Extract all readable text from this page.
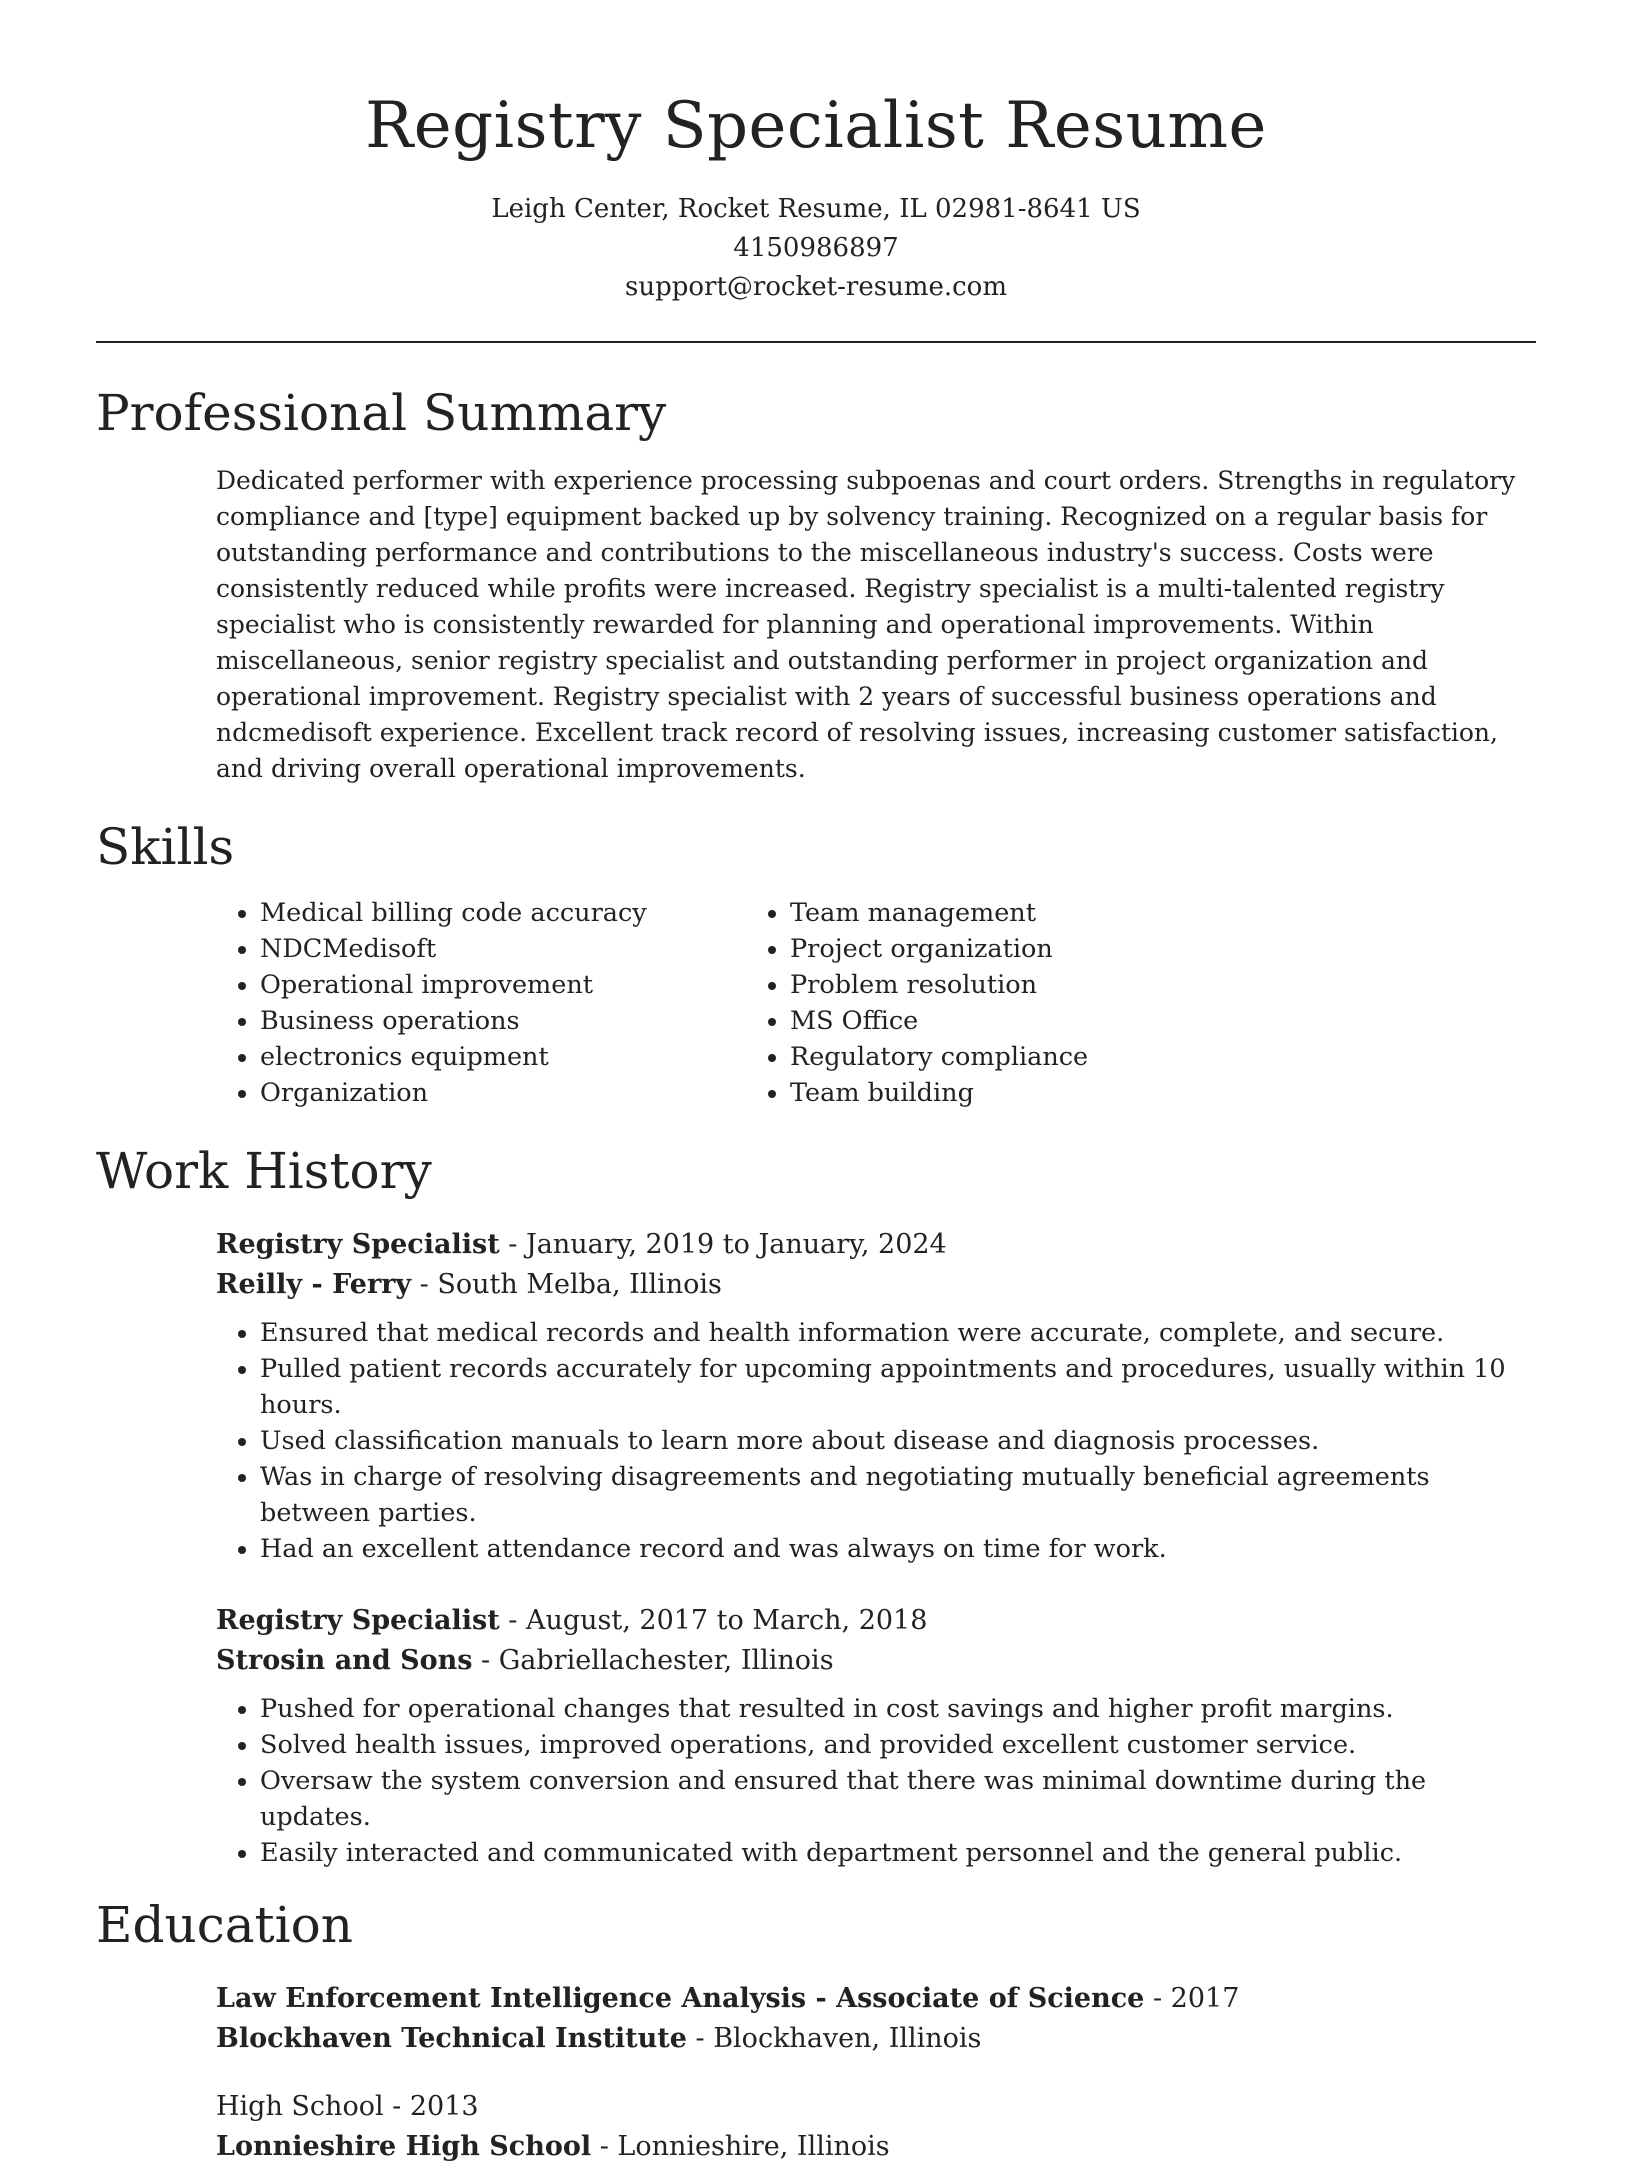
Registry Specialist Resume
Leigh Center, Rocket Resume, IL 02981-8641 US
4150986897
support@rocket-resume.com
Professional Summary

Dedicated performer with experience processing subpoenas and court orders. Strengths in regulatory compliance and [type] equipment backed up by solvency training. Recognized on a regular basis for outstanding performance and contributions to the miscellaneous industry's success. Costs were consistently reduced while profits were increased. Registry specialist is a multi-talented registry specialist who is consistently rewarded for planning and operational improvements. Within miscellaneous, senior registry specialist and outstanding performer in project organization and operational improvement. Registry specialist with 2 years of successful business operations and ndcmedisoft experience. Excellent track record of resolving issues, increasing customer satisfaction, and driving overall operational improvements.

Skills
• Medical billing code accuracy
• NDCMedisoft
• Operational improvement
• Business operations
• electronics equipment
• Organization
• Team management
• Project organization
• Problem resolution
• MS Office
• Regulatory compliance
• Team building
Work History
Registry Specialist - January, 2019 to January, 2024
Reilly - Ferry - South Melba, Illinois
• Ensured that medical records and health information were accurate, complete, and secure.
• Pulled patient records accurately for upcoming appointments and procedures, usually within 10 hours.
• Used classification manuals to learn more about disease and diagnosis processes.
• Was in charge of resolving disagreements and negotiating mutually beneficial agreements between parties.
• Had an excellent attendance record and was always on time for work.
Registry Specialist - August, 2017 to March, 2018
Strosin and Sons - Gabriellachester, Illinois
• Pushed for operational changes that resulted in cost savings and higher profit margins.
• Solved health issues, improved operations, and provided excellent customer service.
• Oversaw the system conversion and ensured that there was minimal downtime during the updates.
• Easily interacted and communicated with department personnel and the general public.
Education
Law Enforcement Intelligence Analysis - Associate of Science - 2017
Blockhaven Technical Institute - Blockhaven, Illinois
High School - 2013
Lonnieshire High School - Lonnieshire, Illinois
